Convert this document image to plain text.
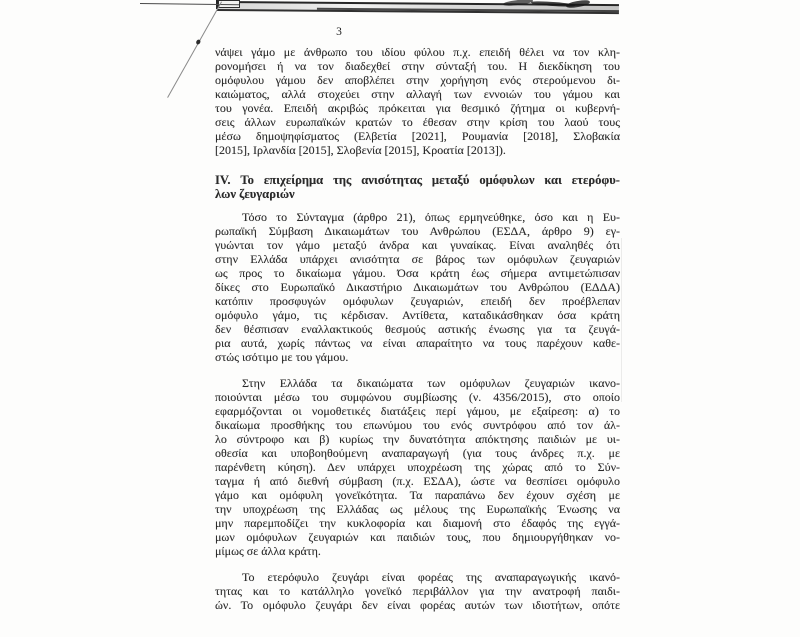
3

νάψει γάμο με άνθρωπο του ιδίου φύλου π.χ. επειδή θέλει να τον κλη-
ρονομήσει ή να τον διαδεχθεί στην σύνταξή του. Η διεκδίκηση του
ομόφυλου γάμου δεν αποβλέπει στην χορήγηση ενός στερούμενου δι-
καιώματος, αλλά στοχεύει στην αλλαγή των εννοιών του γάμου και
του γονέα. Επειδή ακριβώς πρόκειται για θεσμικό ζήτημα οι κυβερνή-
σεις άλλων ευρωπαϊκών κρατών το έθεσαν στην κρίση του λαού τους
μέσω δημοψηφίσματος (Ελβετία [2021], Ρουμανία [2018], Σλοβακία
[2015], Ιρλανδία [2015], Σλοβενία [2015], Κροατία [2013]).

IV. Το επιχείρημα της ανισότητας μεταξύ ομόφυλων και ετερόφυ-
λων ζευγαριών

Τόσο το Σύνταγμα (άρθρο 21), όπως ερμηνεύθηκε, όσο και η Ευ-
ρωπαϊκή Σύμβαση Δικαιωμάτων του Ανθρώπου (ΕΣΔΑ, άρθρο 9) εγ-
γυώνται τον γάμο μεταξύ άνδρα και γυναίκας. Είναι αναληθές ότι
στην Ελλάδα υπάρχει ανισότητα σε βάρος των ομόφυλων ζευγαριών
ως προς το δικαίωμα γάμου. Όσα κράτη έως σήμερα αντιμετώπισαν
δίκες στο Ευρωπαϊκό Δικαστήριο Δικαιωμάτων του Ανθρώπου (ΕΔΔΑ)
κατόπιν προσφυγών ομόφυλων ζευγαριών, επειδή δεν προέβλεπαν
ομόφυλο γάμο, τις κέρδισαν. Αντίθετα, καταδικάσθηκαν όσα κράτη
δεν θέσπισαν εναλλακτικούς θεσμούς αστικής ένωσης για τα ζευγά-
ρια αυτά, χωρίς πάντως να είναι απαραίτητο να τους παρέχουν καθε-
στώς ισότιμο με του γάμου.

Στην Ελλάδα τα δικαιώματα των ομόφυλων ζευγαριών ικανο-
ποιούνται μέσω του συμφώνου συμβίωσης (ν. 4356/2015), στο οποίο
εφαρμόζονται οι νομοθετικές διατάξεις περί γάμου, με εξαίρεση: α) το
δικαίωμα προσθήκης του επωνύμου του ενός συντρόφου από τον άλ-
λο σύντροφο και β) κυρίως την δυνατότητα απόκτησης παιδιών με υι-
οθεσία και υποβοηθούμενη αναπαραγωγή (για τους άνδρες π.χ. με
παρένθετη κύηση). Δεν υπάρχει υποχρέωση της χώρας από το Σύν-
ταγμα ή από διεθνή σύμβαση (π.χ. ΕΣΔΑ), ώστε να θεσπίσει ομόφυλο
γάμο και ομόφυλη γονεϊκότητα. Τα παραπάνω δεν έχουν σχέση με
την υποχρέωση της Ελλάδας ως μέλους της Ευρωπαϊκής Ένωσης να
μην παρεμποδίζει την κυκλοφορία και διαμονή στο έδαφός της εγγά-
μων ομόφυλων ζευγαριών και παιδιών τους, που δημιουργήθηκαν νο-
μίμως σε άλλα κράτη.

Το ετερόφυλο ζευγάρι είναι φορέας της αναπαραγωγικής ικανό-
τητας και το κατάλληλο γονεϊκό περιβάλλον για την ανατροφή παιδι-
ών. Το ομόφυλο ζευγάρι δεν είναι φορέας αυτών των ιδιοτήτων, οπότε
